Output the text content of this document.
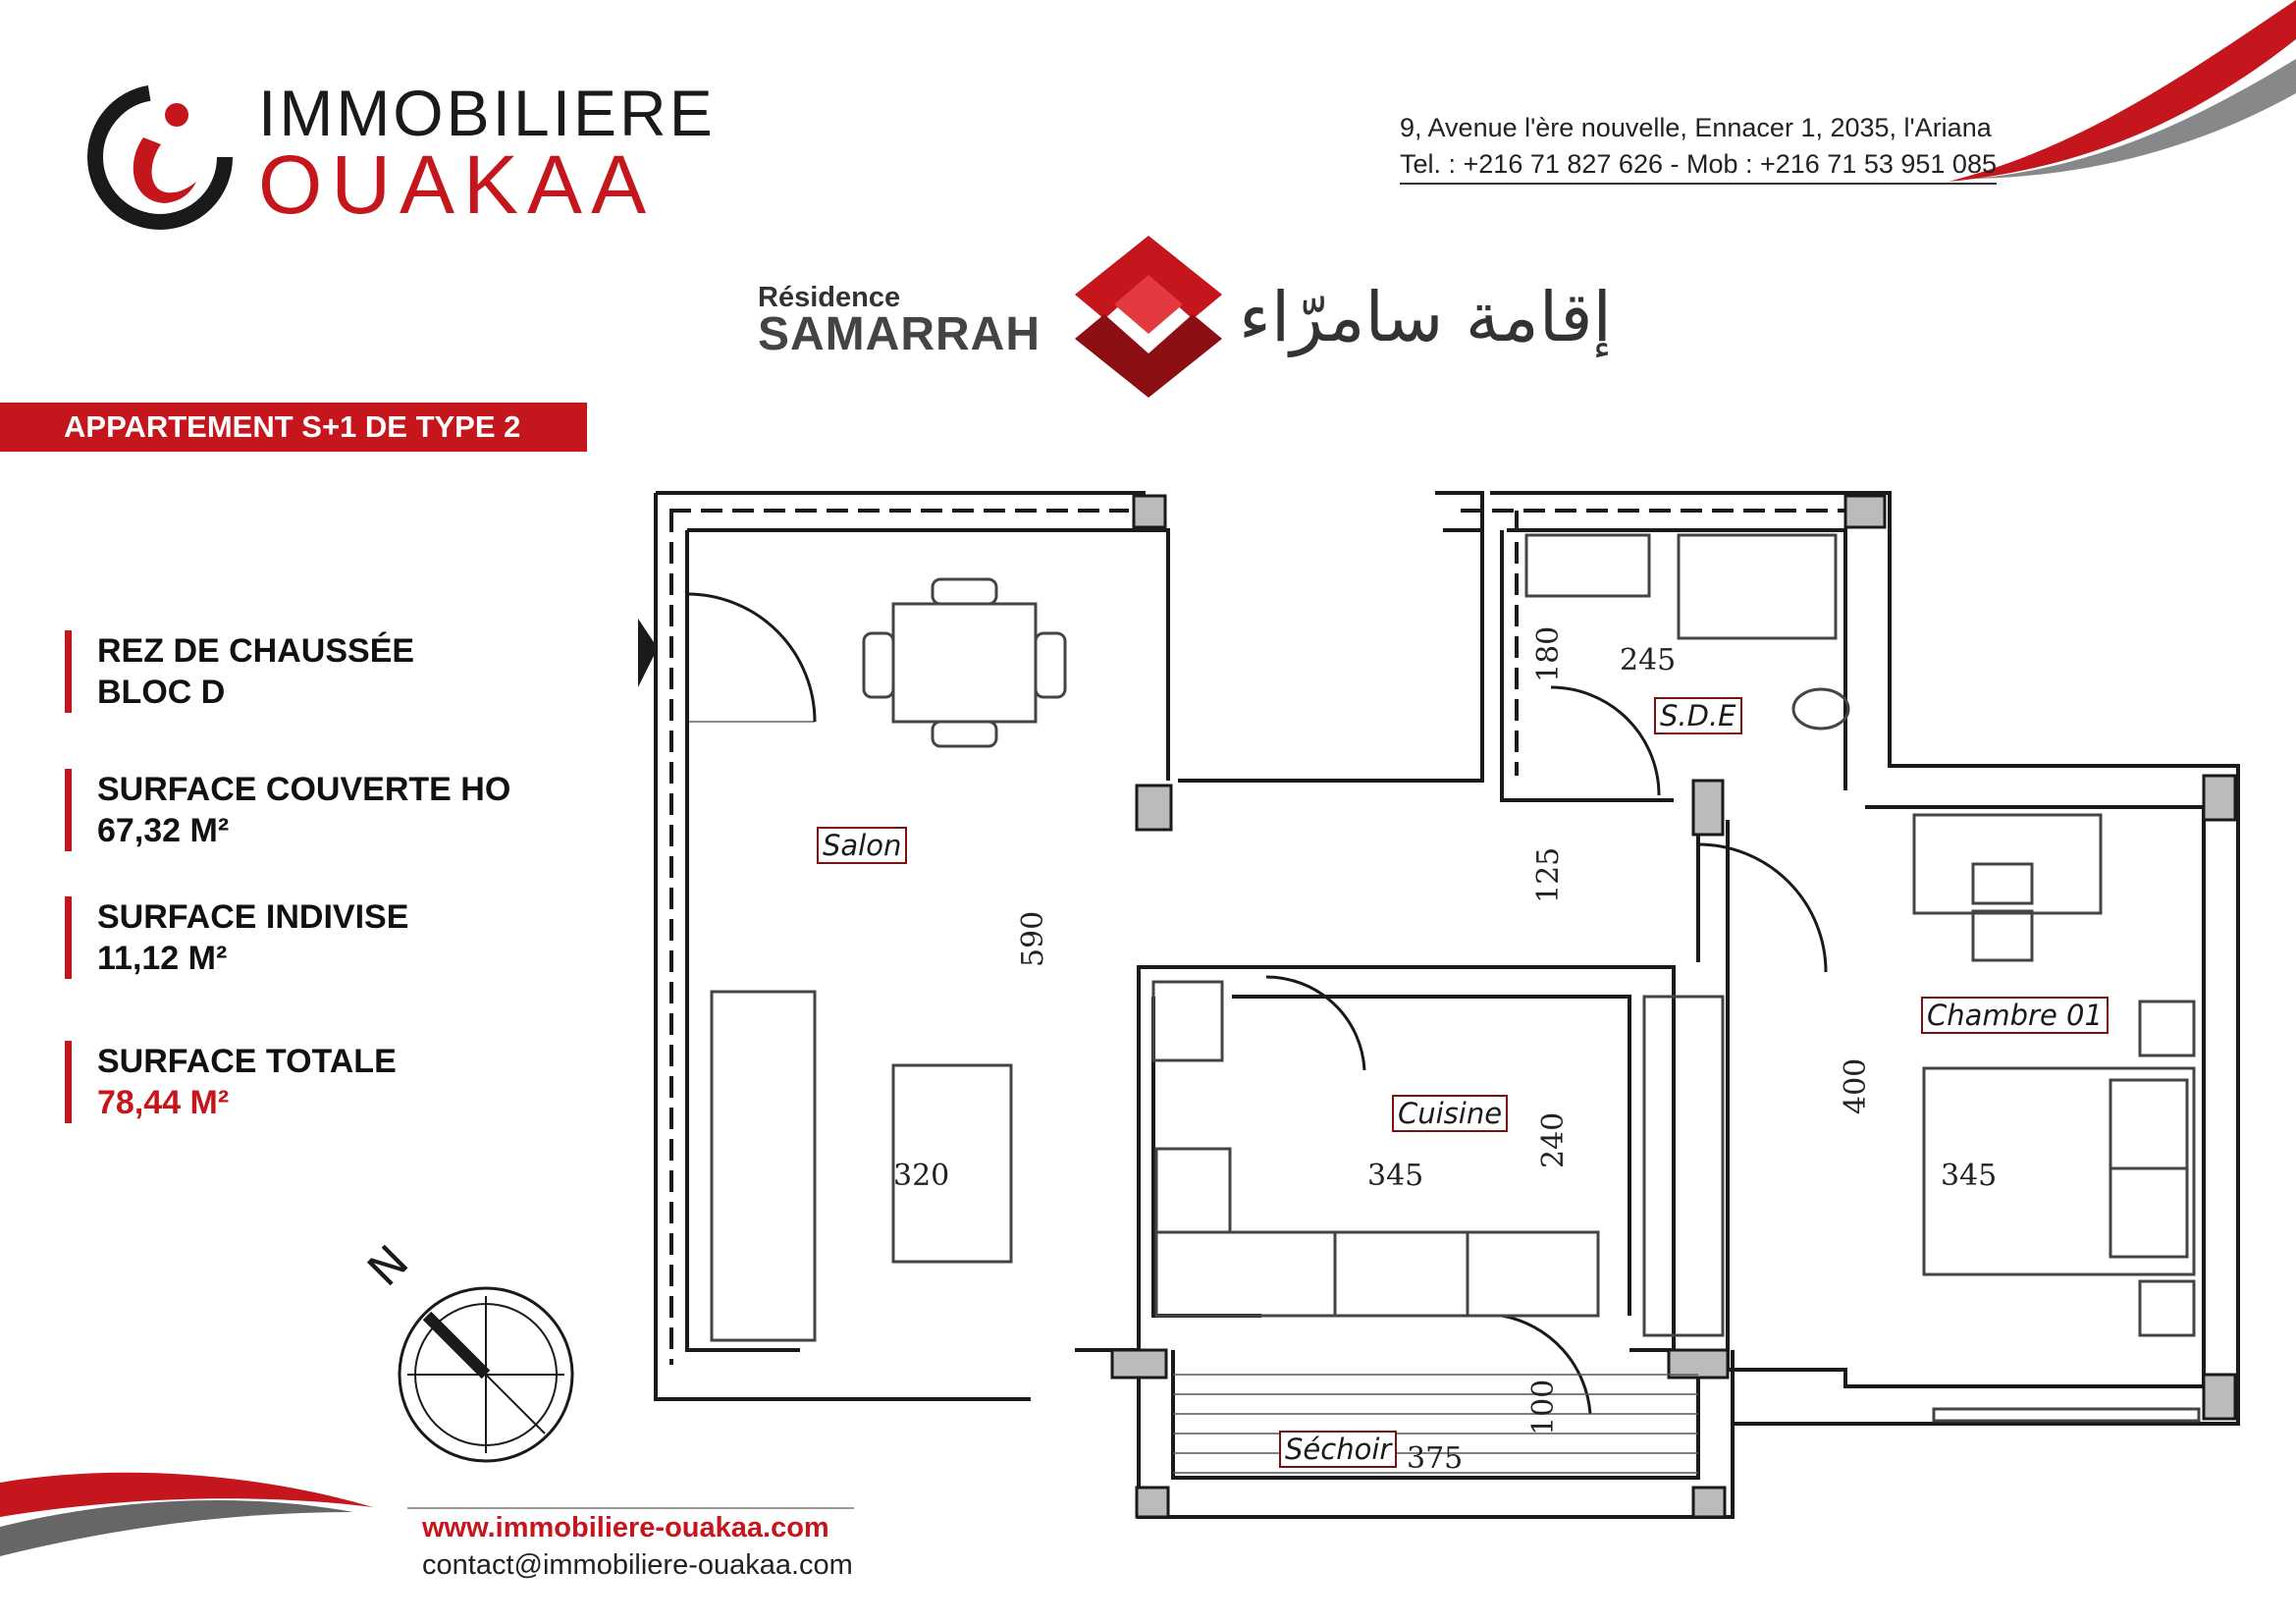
IMMOBILIERE
OUAKAA
9, Avenue l'ère nouvelle, Ennacer 1, 2035, l'Ariana
Tel. : +216 71 827 626 - Mob : +216 71 53 951 085
Résidence
SAMARRAH	إقامة سامرّاء
APPARTEMENT S+1 DE TYPE 2
REZ DE CHAUSSÉE
BLOC D
SURFACE COUVERTE HO
67,32 M²
SURFACE INDIVISE
11,12 M²
SURFACE TOTALE
78,44 M²
Salon
Cuisine
S.D.E
Chambre 01
Séchoir
320
590
345
240
245
180
125
345
400
375
100
N
www.immobiliere-ouakaa.com
contact@immobiliere-ouakaa.com
